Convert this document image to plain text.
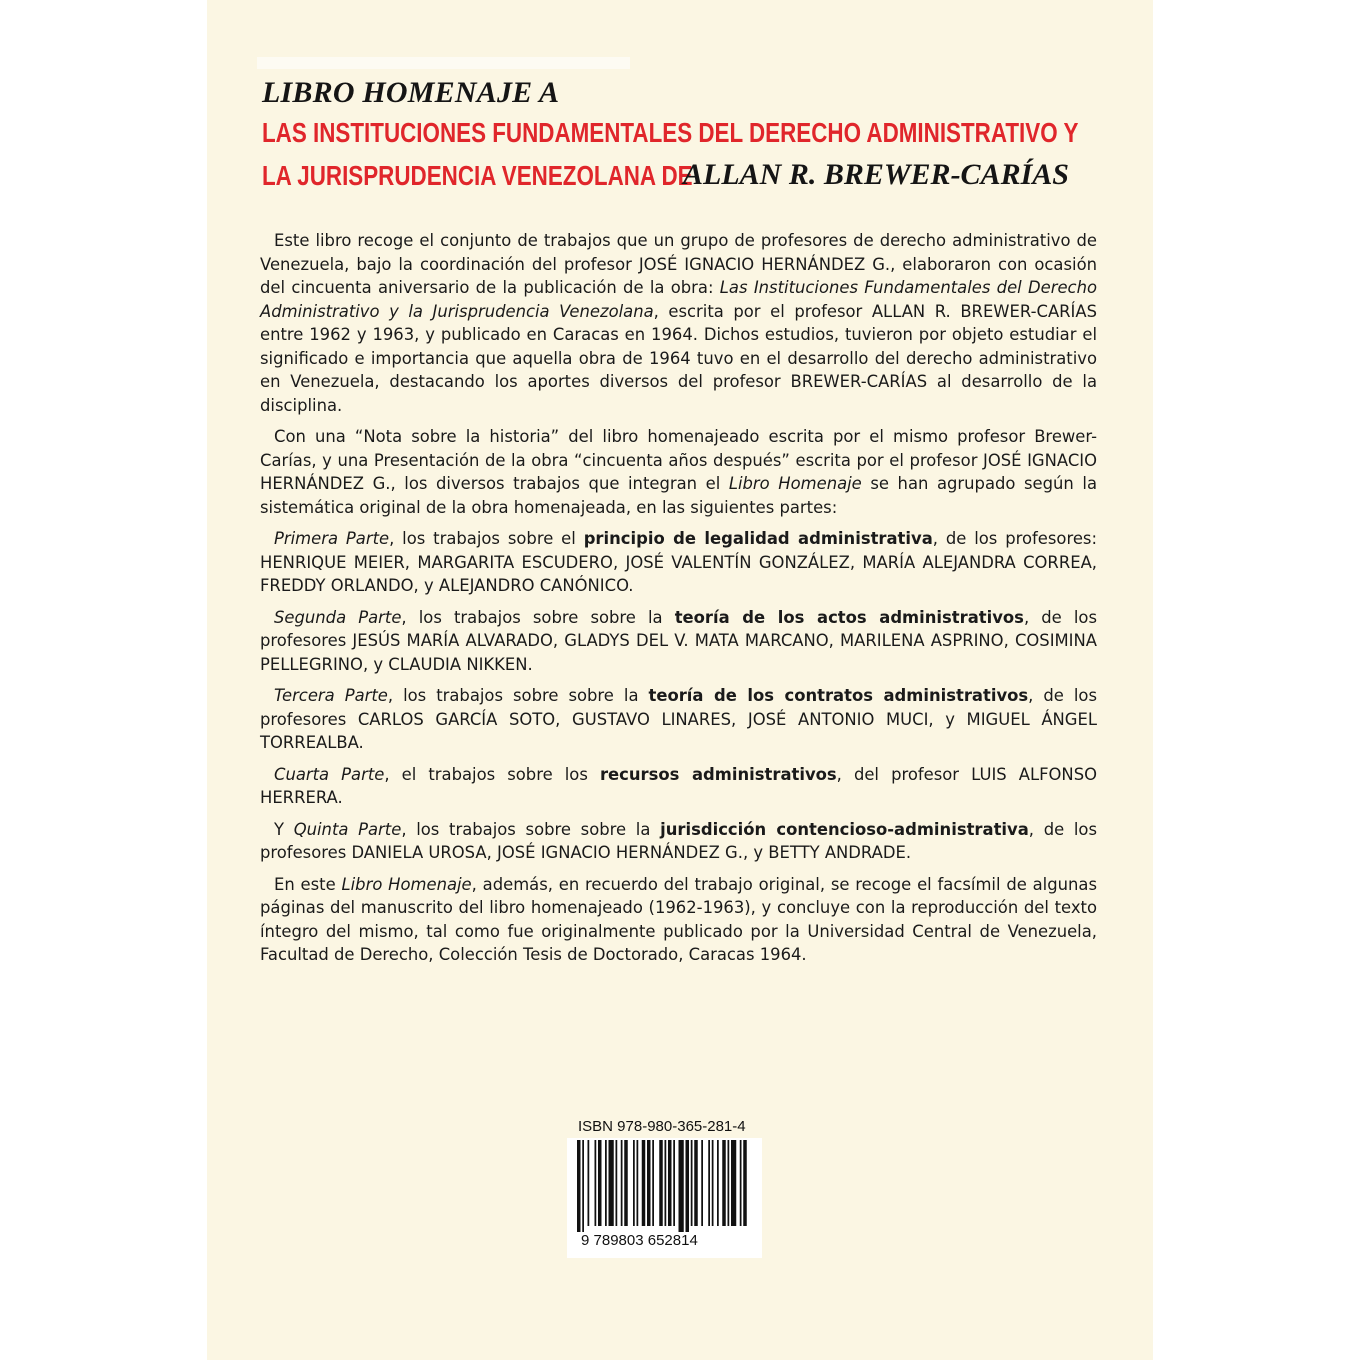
LIBRO HOMENAJE A
LAS INSTITUCIONES FUNDAMENTALES DEL DERECHO ADMINISTRATIVO Y
LA JURISPRUDENCIA VENEZOLANA DE
ALLAN R. BREWER-CARÍAS

Este libro recoge el conjunto de trabajos que un grupo de profesores de derecho administrativo de Venezuela, bajo la coordinación del profesor JOSÉ IGNACIO HERNÁNDEZ G., elaboraron con ocasión del cincuenta aniversario de la publicación de la obra: Las Instituciones Fundamentales del Derecho Administrativo y la Jurisprudencia Venezolana, escrita por el profesor ALLAN R. BREWER-CARÍAS entre 1962 y 1963, y publicado en Caracas en 1964. Dichos estudios, tuvieron por objeto estudiar el significado e importancia que aquella obra de 1964 tuvo en el desarrollo del derecho administrativo en Venezuela, destacando los aportes diversos del profesor BREWER-CARÍAS al desarrollo de la disciplina.

Con una “Nota sobre la historia” del libro homenajeado escrita por el mismo profesor Brewer-Carías, y una Presentación de la obra “cincuenta años después” escrita por el profesor JOSÉ IGNACIO HERNÁNDEZ G., los diversos trabajos que integran el Libro Homenaje se han agrupado según la sistemática original de la obra homenajeada, en las siguientes partes:

Primera Parte, los trabajos sobre el principio de legalidad administrativa, de los profesores: HENRIQUE MEIER, MARGARITA ESCUDERO, JOSÉ VALENTÍN GONZÁLEZ, MARÍA ALEJANDRA CORREA, FREDDY ORLANDO, y ALEJANDRO CANÓNICO.

Segunda Parte, los trabajos sobre sobre la teoría de los actos administrativos, de los profesores JESÚS MARÍA ALVARADO, GLADYS DEL V. MATA MARCANO, MARILENA ASPRINO, COSIMINA PELLEGRINO, y CLAUDIA NIKKEN.

Tercera Parte, los trabajos sobre sobre la teoría de los contratos administrativos, de los profesores CARLOS GARCÍA SOTO, GUSTAVO LINARES, JOSÉ ANTONIO MUCI, y MIGUEL ÁNGEL TORREALBA.

Cuarta Parte, el trabajos sobre los recursos administrativos, del profesor LUIS ALFONSO HERRERA.

Y Quinta Parte, los trabajos sobre sobre la jurisdicción contencioso-administrativa, de los profesores DANIELA UROSA, JOSÉ IGNACIO HERNÁNDEZ G., y BETTY ANDRADE.

En este Libro Homenaje, además, en recuerdo del trabajo original, se recoge el facsímil de algunas páginas del manuscrito del libro homenajeado (1962-1963), y concluye con la reproducción del texto íntegro del mismo, tal como fue originalmente publicado por la Universidad Central de Venezuela, Facultad de Derecho, Colección Tesis de Doctorado, Caracas 1964.

ISBN 978-980-365-281-4
9 789803 652814
